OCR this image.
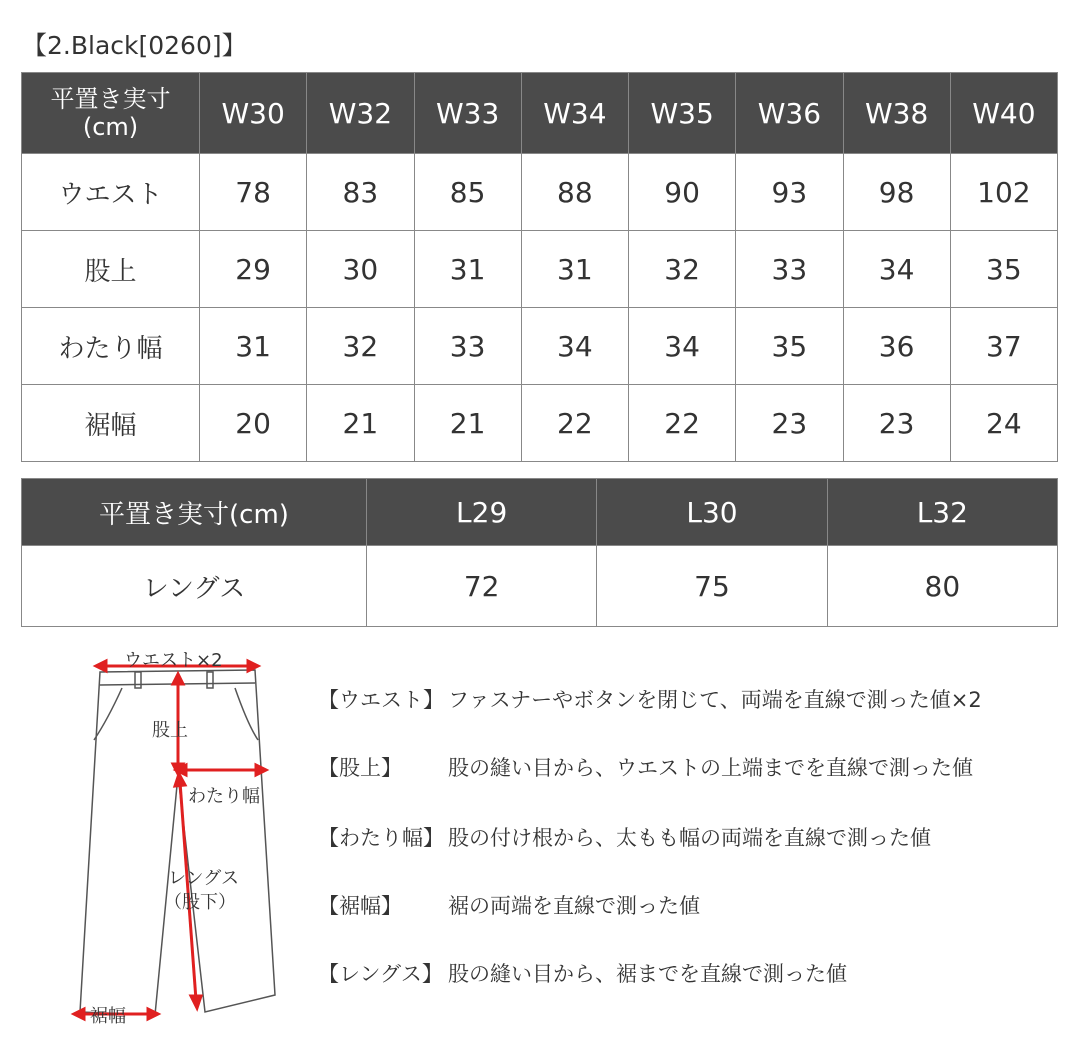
【2.Black[0260]】
平置き実寸
(cm)	W30	W32	W33	W34	W35	W36	W38	W40
ウエスト	78	83	85	88	90	93	98	102
股上	29	30	31	31	32	33	34	35
わたり幅	31	32	33	34	34	35	36	37
裾幅	20	21	21	22	22	23	23	24
平置き実寸(cm)	L29	L30	L32
レングス	72	75	80
ウエスト×2
股上
わたり幅
レングス
（股下）
裾幅
【ウエスト】 ファスナーやボタンを閉じて、両端を直線で測った値×2
【股上】 股の縫い目から、ウエストの上端までを直線で測った値
【わたり幅】 股の付け根から、太もも幅の両端を直線で測った値
【裾幅】 裾の両端を直線で測った値
【レングス】 股の縫い目から、裾までを直線で測った値
